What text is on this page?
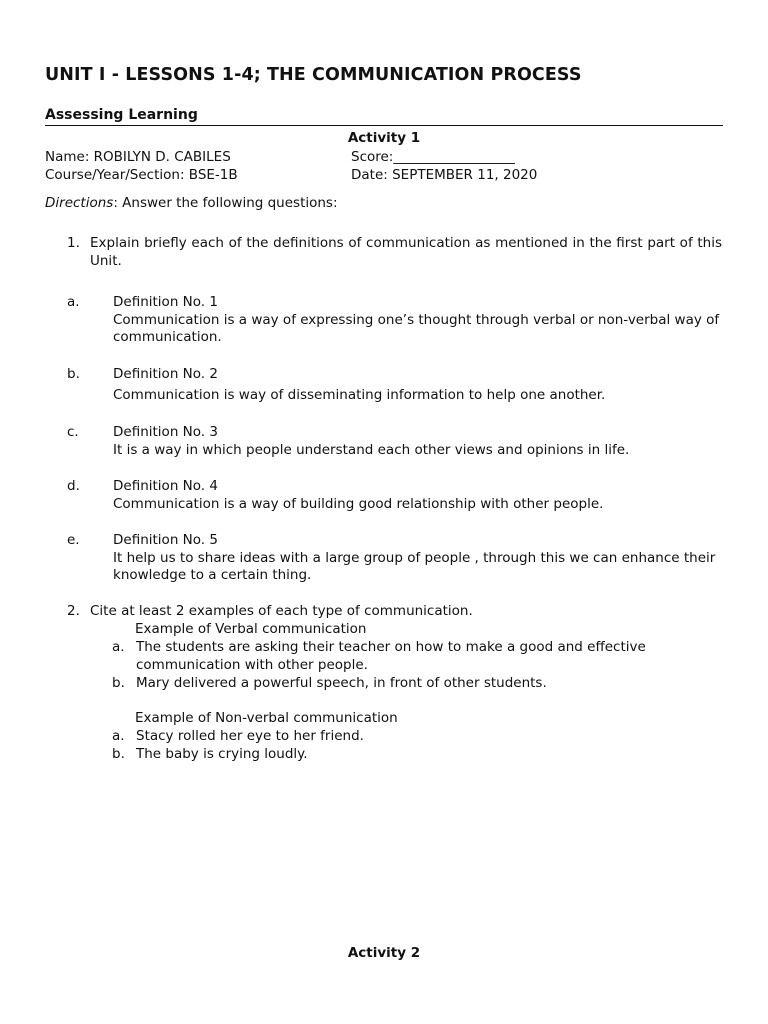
UNIT I - LESSONS 1-4; THE COMMUNICATION PROCESS
Assessing Learning
Activity 1
Name: ROBILYN D. CABILES	Score:__________________
Course/Year/Section: BSE-1B	Date: SEPTEMBER 11, 2020
Directions: Answer the following questions:
1. Explain briefly each of the definitions of communication as mentioned in the first part of this Unit.
a. Definition No. 1
Communication is a way of expressing one’s thought through verbal or non-verbal way of communication.
b. Definition No. 2
Communication is way of disseminating information to help one another.
c.	Definition No. 3
It is a way in which people understand each other views and opinions in life.
d. Definition No. 4
Communication is a way of building good relationship with other people.
e. Definition No. 5
It help us to share ideas with a large group of people , through this we can enhance their knowledge to a certain thing.
2. Cite at least 2 examples of each type of communication.
Example of Verbal communication
a. The students are asking their teacher on how to make a good and effective communication with other people.
b. Mary delivered a powerful speech, in front of other students.
Example of Non-verbal communication
a. Stacy rolled her eye to her friend.
b. The baby is crying loudly.
Activity 2
